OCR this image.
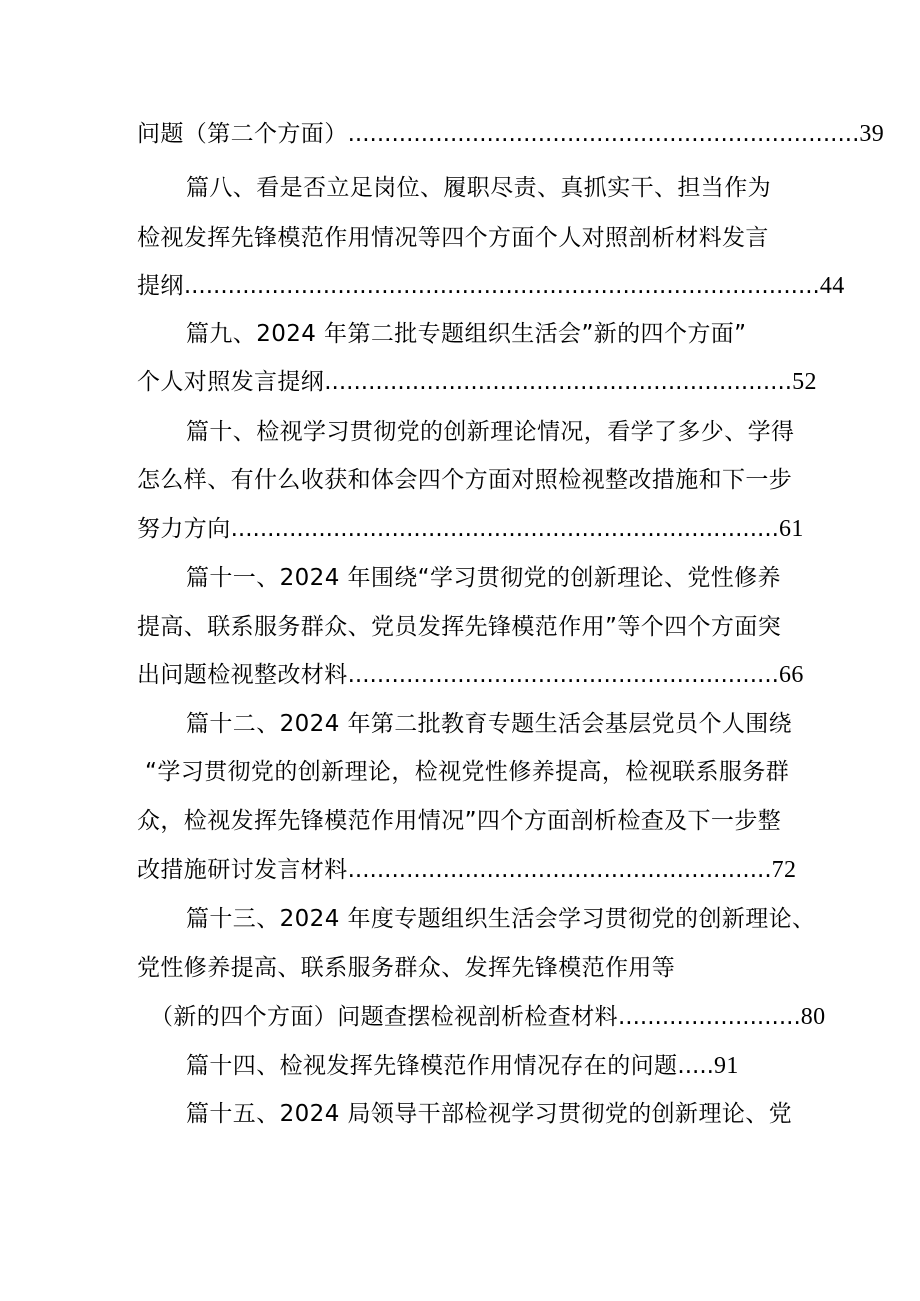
问题（第二个方面）......................................................................39
篇八、看是否立足岗位、履职尽责、真抓实干、担当作为
检视发挥先锋模范作用情况等四个方面个人对照剖析材料发言
提纲.......................................................................................44
篇九、2024 年第二批专题组织生活会”新的四个方面”
个人对照发言提纲................................................................52
篇十、检视学习贯彻党的创新理论情况，看学了多少、学得
怎么样、有什么收获和体会四个方面对照检视整改措施和下一步
努力方向...........................................................................61
篇十一、2024 年围绕“学习贯彻党的创新理论、党性修养
提高、联系服务群众、党员发挥先锋模范作用”等个四个方面突
出问题检视整改材料...........................................................66
篇十二、2024 年第二批教育专题生活会基层党员个人围绕
“学习贯彻党的创新理论，检视党性修养提高，检视联系服务群
众，检视发挥先锋模范作用情况”四个方面剖析检查及下一步整
改措施研讨发言材料..........................................................72
篇十三、2024 年度专题组织生活会学习贯彻党的创新理论、
党性修养提高、联系服务群众、发挥先锋模范作用等
（新的四个方面）问题查摆检视剖析检查材料.........................80
篇十四、检视发挥先锋模范作用情况存在的问题.....91
篇十五、2024 局领导干部检视学习贯彻党的创新理论、党
